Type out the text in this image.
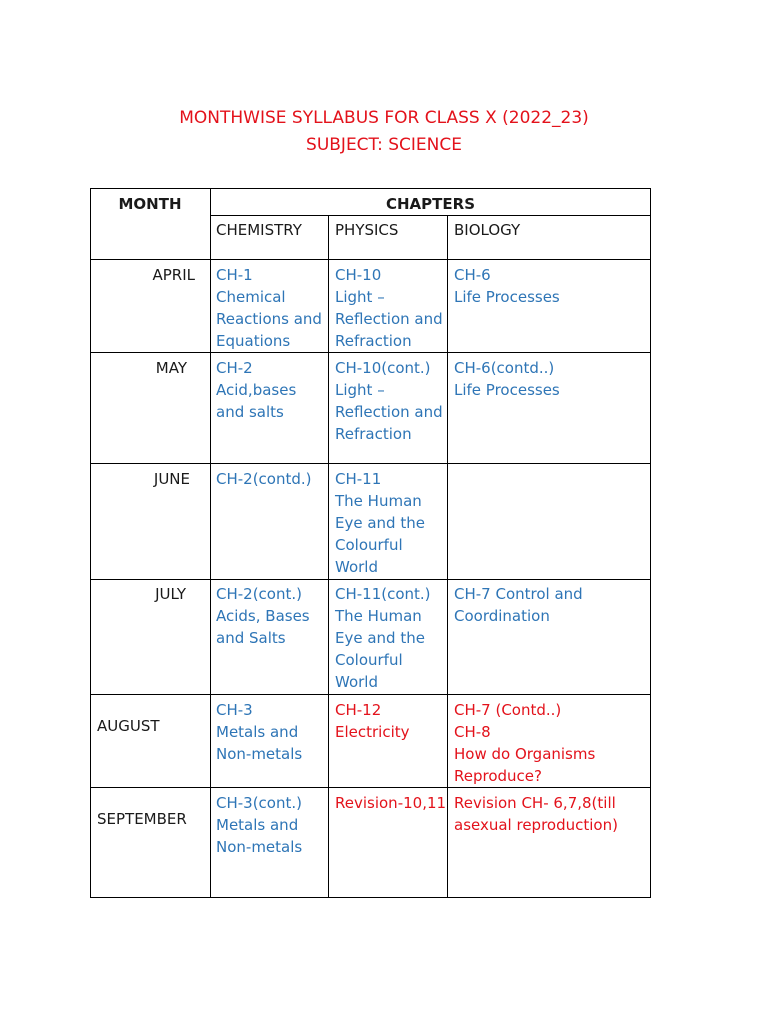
MONTHWISE SYLLABUS FOR CLASS X (2022_23)
SUBJECT: SCIENCE
MONTH	CHAPTERS
CHEMISTRY PHYSICS	BIOLOGY
APRIL CH-1
Chemical
Reactions and
Equations
CH-10
Light –
Reflection and
Refraction
CH-6
Life Processes
MAY CH-2
Acid,bases
and salts
CH-10(cont.)
Light –
Reflection and
Refraction
CH-6(contd..)
Life Processes
JUNE CH-2(contd.) CH-11
The Human
Eye and the
Colourful
World
JULY CH-2(cont.)
Acids, Bases
and Salts
CH-11(cont.)
The Human
Eye and the
Colourful
World
CH-7 Control and
Coordination
AUGUST
CH-3
Metals and
Non-metals
CH-12
Electricity
CH-7 (Contd..)
CH-8
How do Organisms
Reproduce?
SEPTEMBER
CH-3(cont.)
Metals and
Non-metals
Revision-10,11 Revision CH- 6,7,8(till
asexual reproduction)
